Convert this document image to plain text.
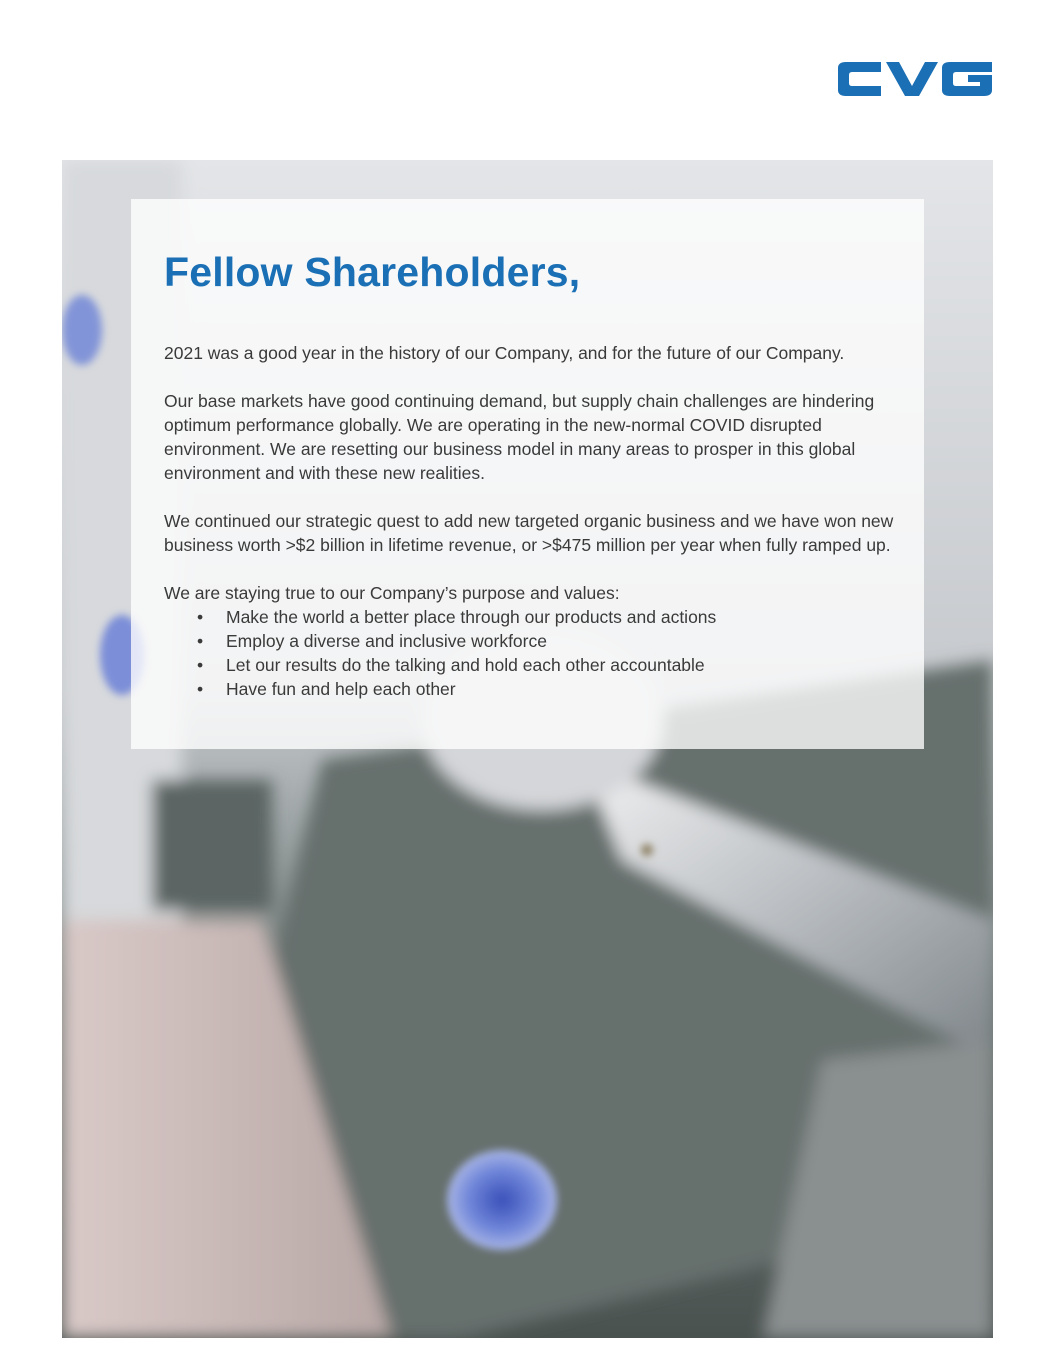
Fellow Shareholders,

2021 was a good year in the history of our Company, and for the future of our Company.

Our base markets have good continuing demand, but supply chain challenges are hindering optimum performance globally. We are operating in the new-normal COVID disrupted environment. We are resetting our business model in many areas to prosper in this global environment and with these new realities.

We continued our strategic quest to add new targeted organic business and we have won new business worth >$2 billion in lifetime revenue, or >$475 million per year when fully ramped up.

We are staying true to our Company’s purpose and values:

• Make the world a better place through our products and actions
• Employ a diverse and inclusive workforce
• Let our results do the talking and hold each other accountable
• Have fun and help each other
